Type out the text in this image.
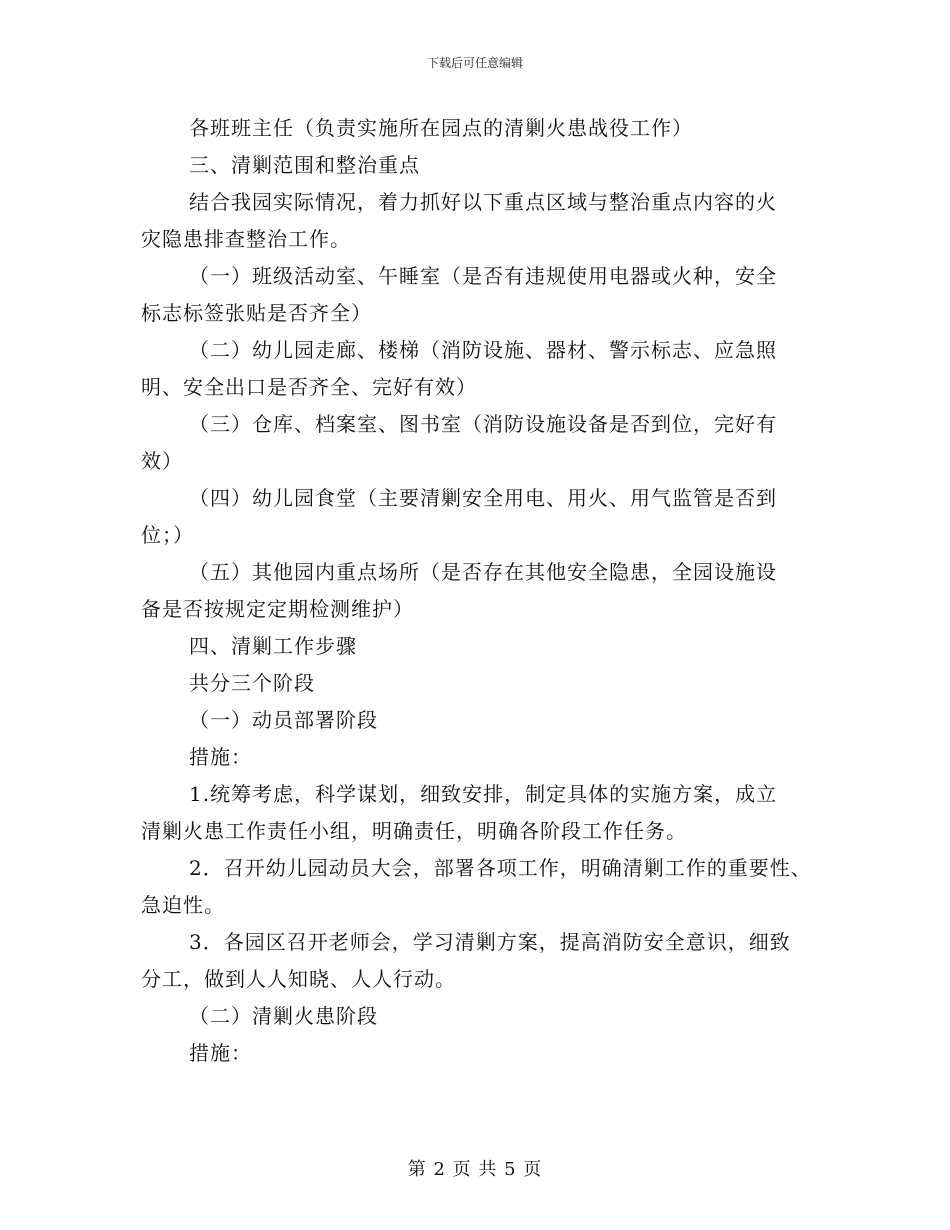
下载后可任意编辑
各班班主任（负责实施所在园点的清剿火患战役工作）
三、清剿范围和整治重点
结合我园实际情况，着力抓好以下重点区域与整治重点内容的火
灾隐患排查整治工作。
（一）班级活动室、午睡室（是否有违规使用电器或火种，安全
标志标签张贴是否齐全）
（二）幼儿园走廊、楼梯（消防设施、器材、警示标志、应急照
明、安全出口是否齐全、完好有效）
（三）仓库、档案室、图书室（消防设施设备是否到位，完好有
效）
（四）幼儿园食堂（主要清剿安全用电、用火、用气监管是否到
位；）
（五）其他园内重点场所（是否存在其他安全隐患，全园设施设
备是否按规定定期检测维护）
四、清剿工作步骤
共分三个阶段
（一）动员部署阶段
措施：
1.统筹考虑，科学谋划，细致安排，制定具体的实施方案，成立
清剿火患工作责任小组，明确责任，明确各阶段工作任务。
2．召开幼儿园动员大会，部署各项工作，明确清剿工作的重要性、
急迫性。
3．各园区召开老师会，学习清剿方案，提高消防安全意识，细致
分工，做到人人知晓、人人行动。
（二）清剿火患阶段
措施：
第 2 页 共 5 页
